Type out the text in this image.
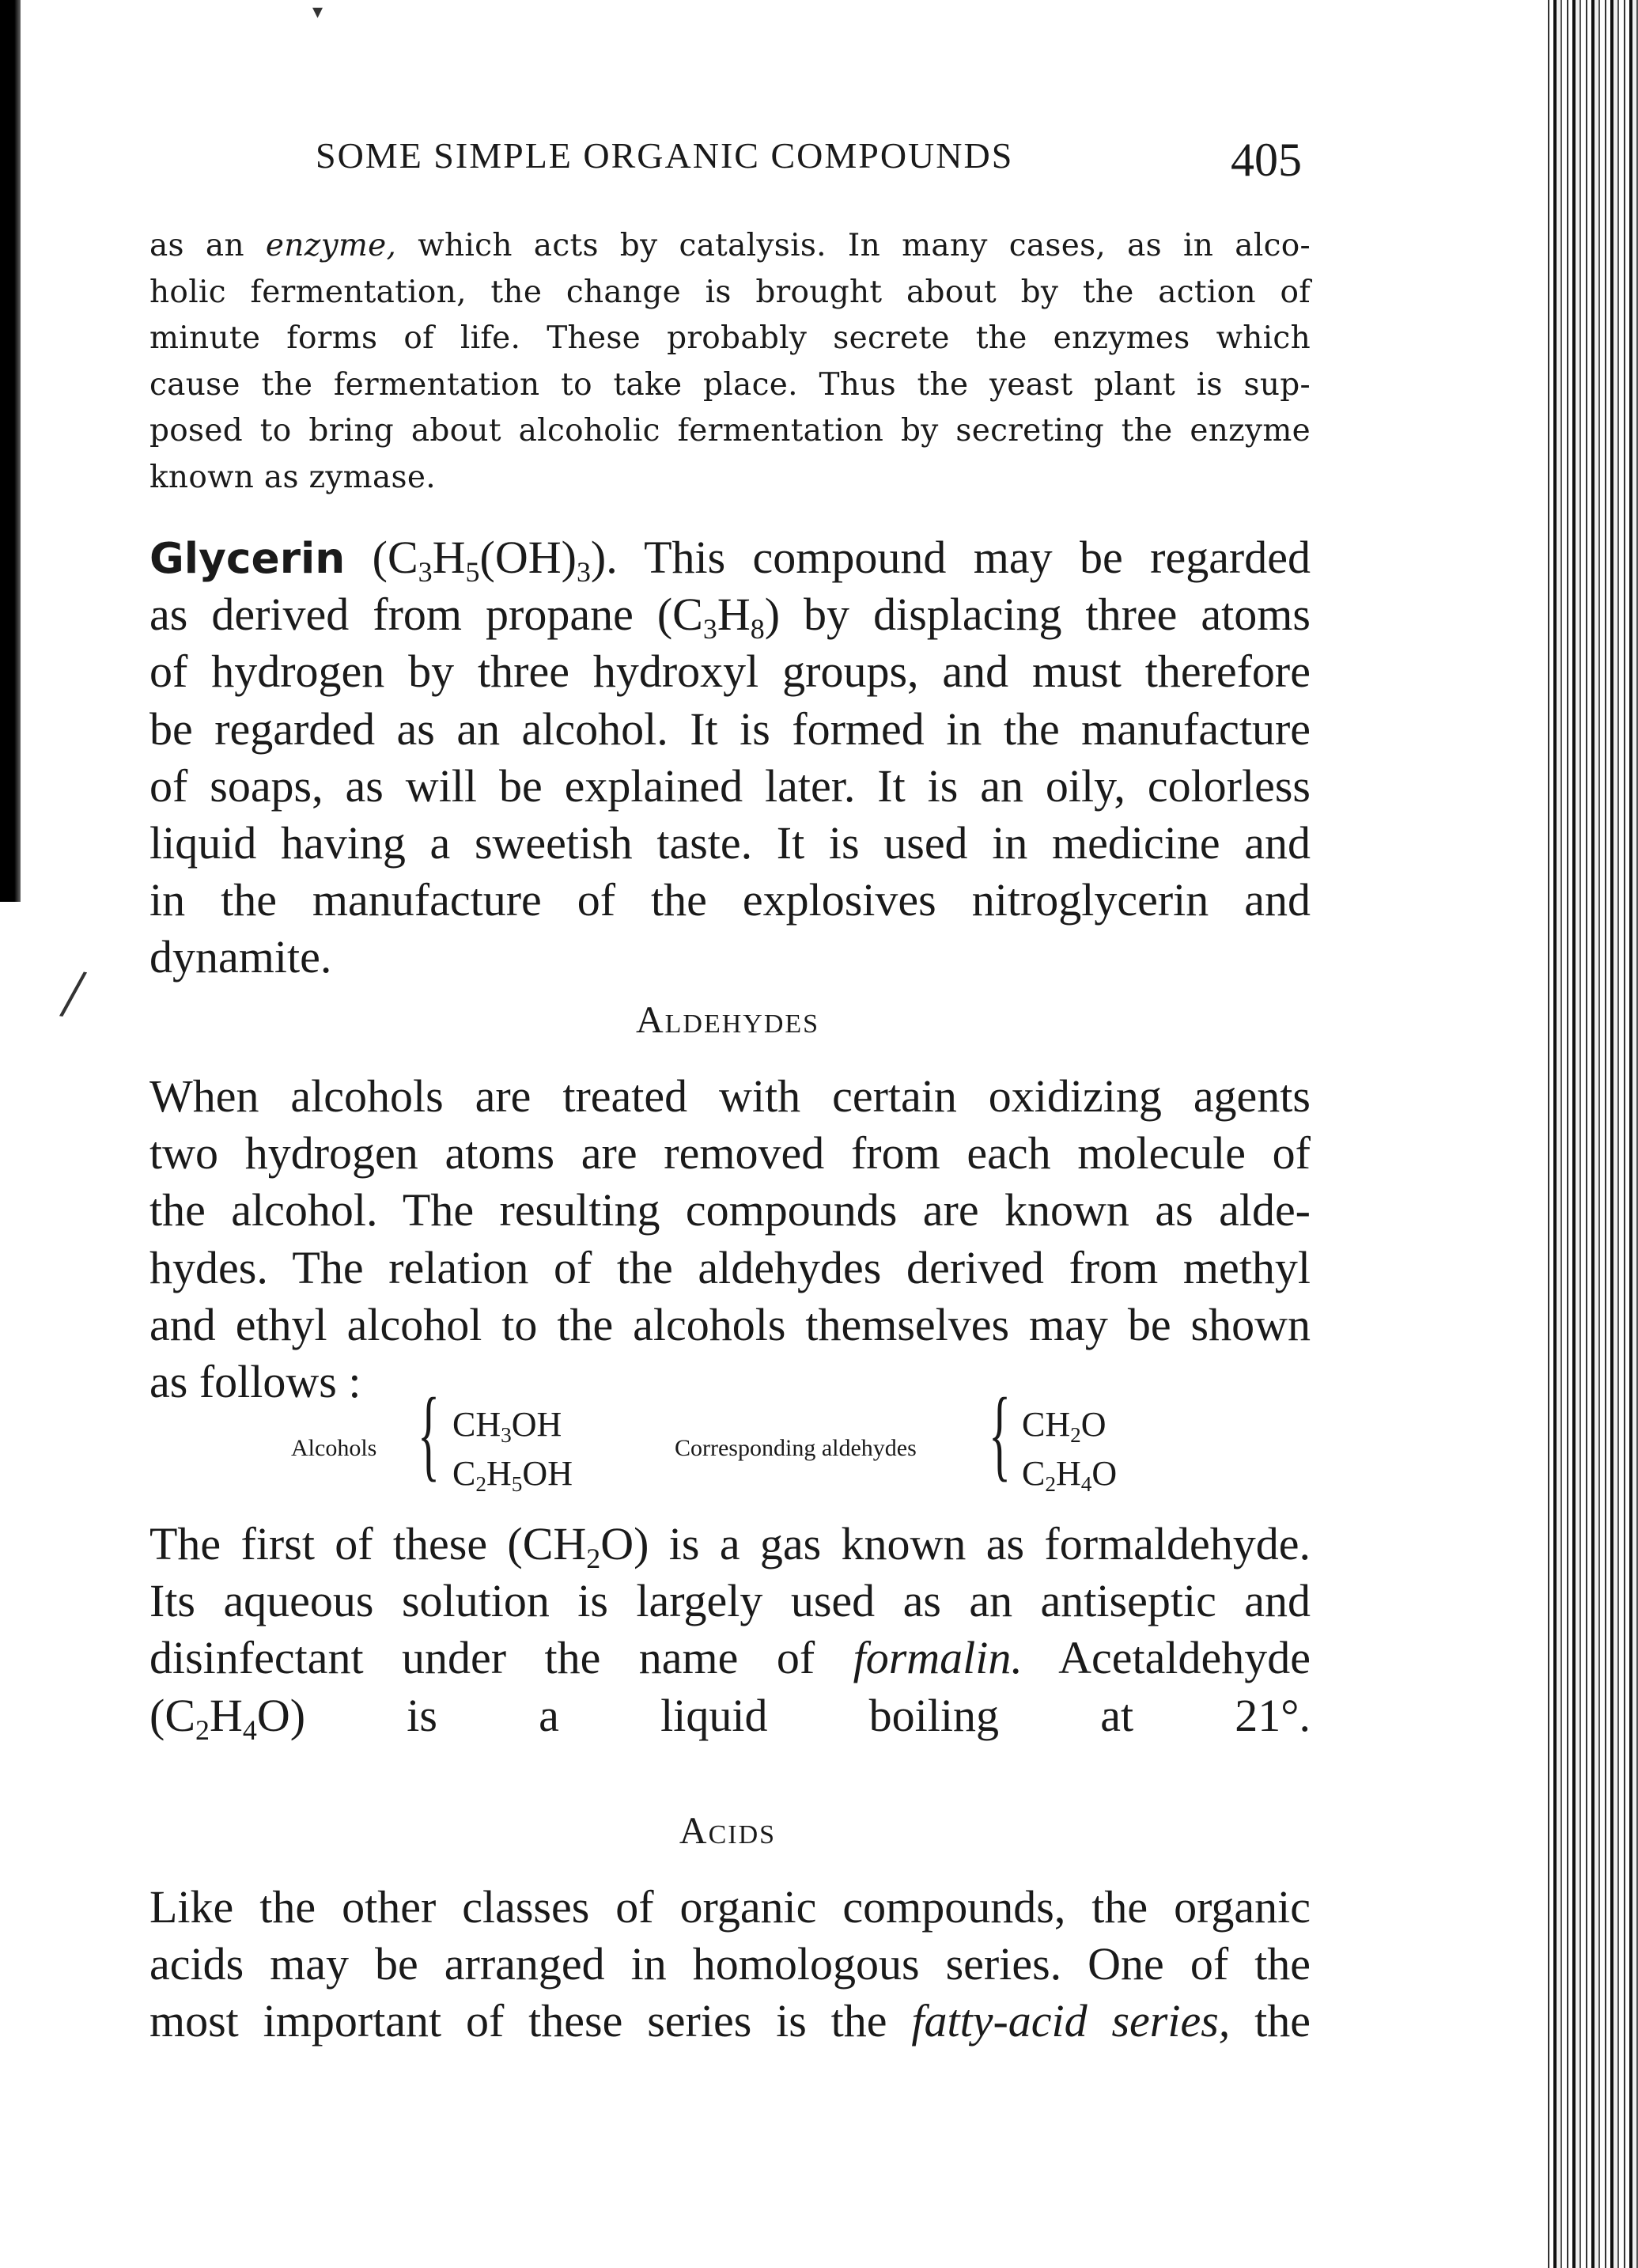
▾
/
SOME SIMPLE ORGANIC COMPOUNDS	405
as an enzyme, which acts by catalysis. In many cases, as in alco-
holic fermentation, the change is brought about by the action of
minute forms of life. These probably secrete the enzymes which
cause the fermentation to take place. Thus the yeast plant is sup-
posed to bring about alcoholic fermentation by secreting the enzyme
known as zymase.
Glycerin $(C_3H_5(OH)_3)$. This compound may be regarded
as derived from propane $(C_3H_8)$ by displacing three atoms
of hydrogen by three hydroxyl groups, and must therefore
be regarded as an alcohol. It is formed in the manufacture
of soaps, as will be explained later. It is an oily, colorless
liquid having a sweetish taste. It is used in medicine and
in the manufacture of the explosives nitroglycerin and
dynamite.
When alcohols are treated with certain oxidizing agents
two hydrogen atoms are removed from each molecule of
the alcohol. The resulting compounds are known as alde-
hydes. The relation of the aldehydes derived from methyl
and ethyl alcohol to the alcohols themselves may be shown
as follows :
The first of these $(CH_2O)$ is a gas known as formaldehyde.
Its aqueous solution is largely used as an antiseptic and
disinfectant under the name of formalin. Acetaldehyde
$(C_2H_4O)$ is a liquid boiling at 21°.
Like the other classes of organic compounds, the organic
acids may be arranged in homologous series. One of the
most important of these series is the fatty-acid series, the
Aldehydes
Acids
Alcohols { $CH_3OH$
$C_2H_5OH$
Corresponding aldehydes { $CH_2O$
$C_2H_4O$
